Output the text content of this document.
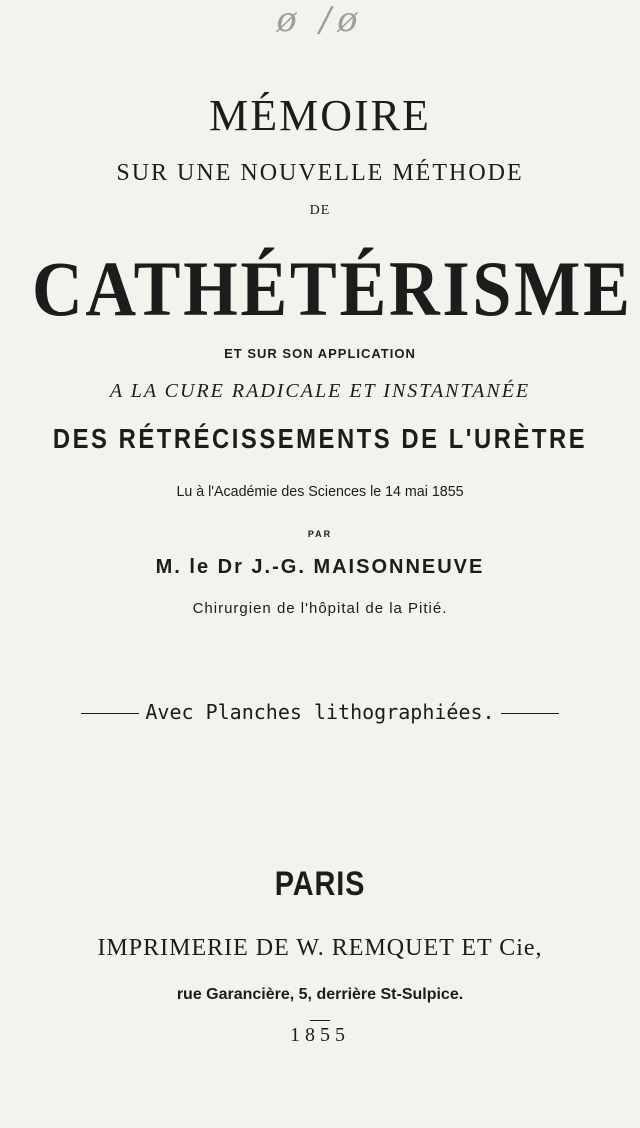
ø /ø
MÉMOIRE
SUR UNE NOUVELLE MÉTHODE
DE
CATHÉTÉRISME
ET SUR SON APPLICATION
A LA CURE RADICALE ET INSTANTANÉE
DES RÉTRÉCISSEMENTS DE L'URÈTRE
Lu à l'Académie des Sciences le 14 mai 1855
PAR
M. le Dr J.-G. MAISONNEUVE
Chirurgien de l'hôpital de la Pitié.
Avec Planches lithographiées.
PARIS
IMPRIMERIE DE W. REMQUET ET Cie,
rue Garancière, 5, derrière St-Sulpice.
1855
